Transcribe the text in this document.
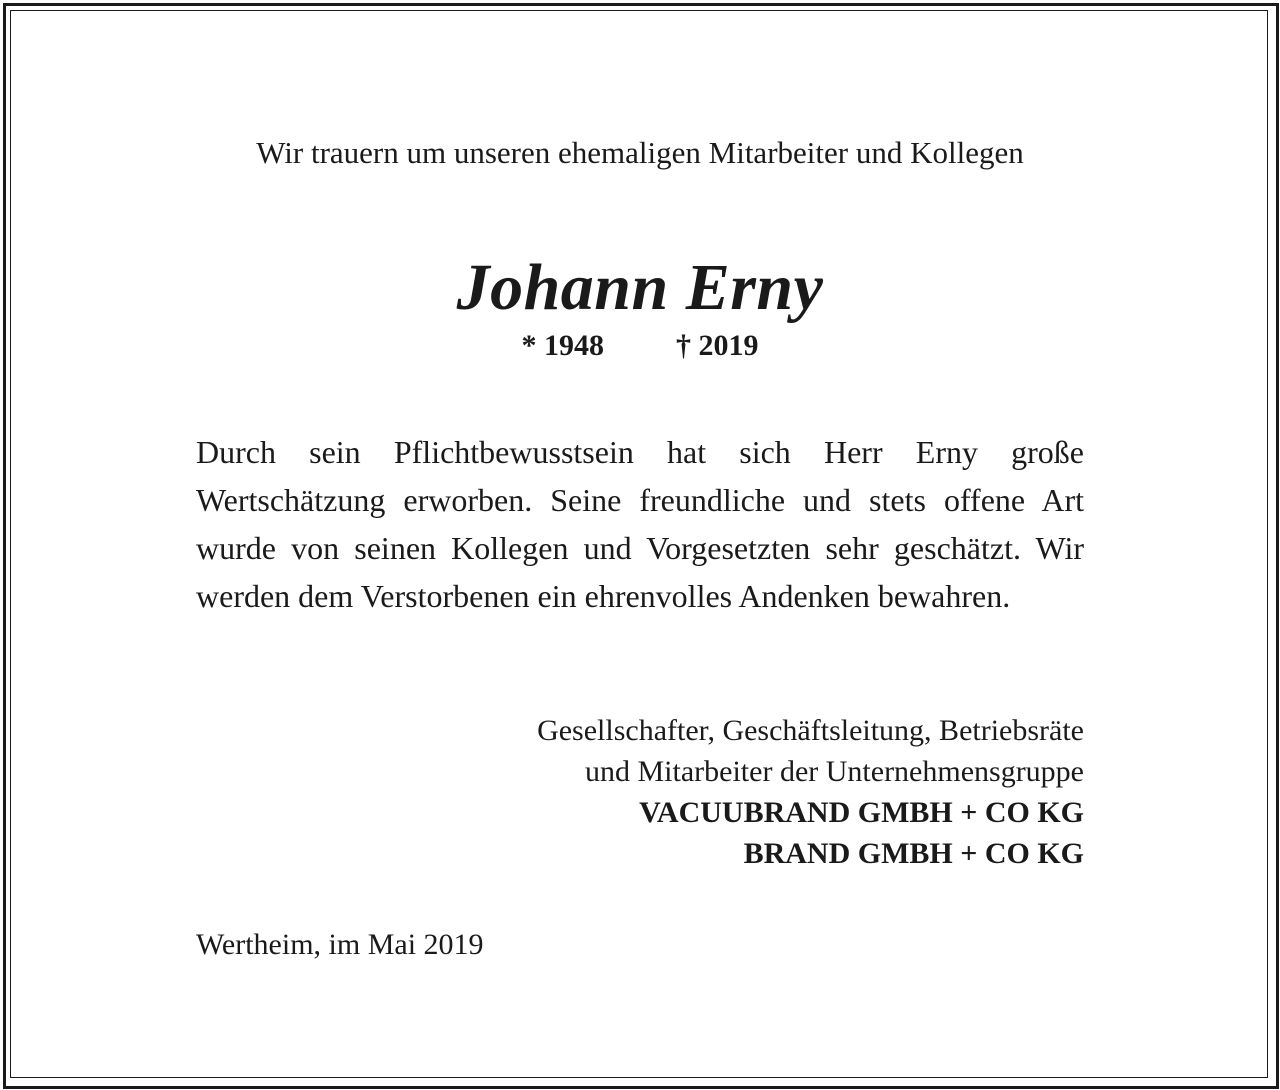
Wir trauern um unseren ehemaligen Mitarbeiter und Kollegen

Johann Erny

* 1948 † 2019

Durch sein Pflichtbewusstsein hat sich Herr Erny große Wertschätzung erworben. Seine freundliche und stets offene Art wurde von seinen Kollegen und Vorgesetzten sehr geschätzt. Wir werden dem Verstorbenen ein ehrenvolles Andenken bewahren.

Gesellschafter, Geschäftsleitung, Betriebsräte
und Mitarbeiter der Unternehmensgruppe
VACUUBRAND GMBH + CO KG
BRAND GMBH + CO KG

Wertheim, im Mai 2019
